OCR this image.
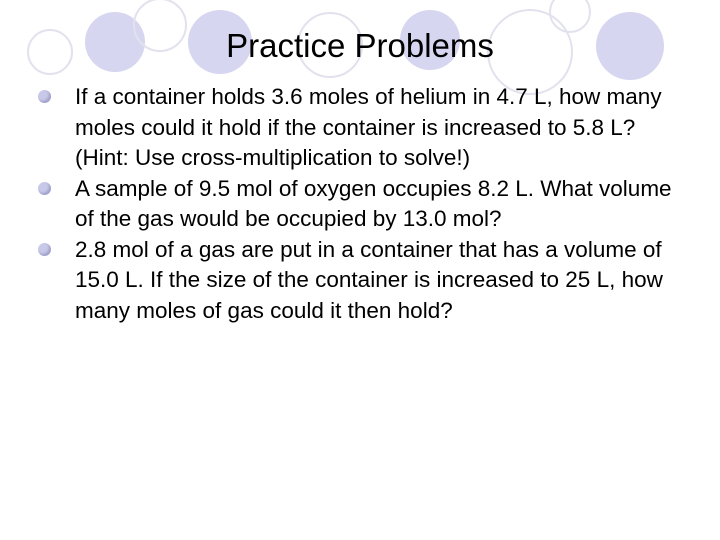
Practice Problems
If a container holds 3.6 moles of helium in 4.7 L, how many moles could it hold if the container is increased to 5.8 L? (Hint: Use cross-multiplication to solve!)
A sample of 9.5 mol of oxygen occupies 8.2 L. What volume of the gas would be occupied by 13.0 mol?
2.8 mol of a gas are put in a container that has a volume of 15.0 L. If the size of the container is increased to 25 L, how many moles of gas could it then hold?
